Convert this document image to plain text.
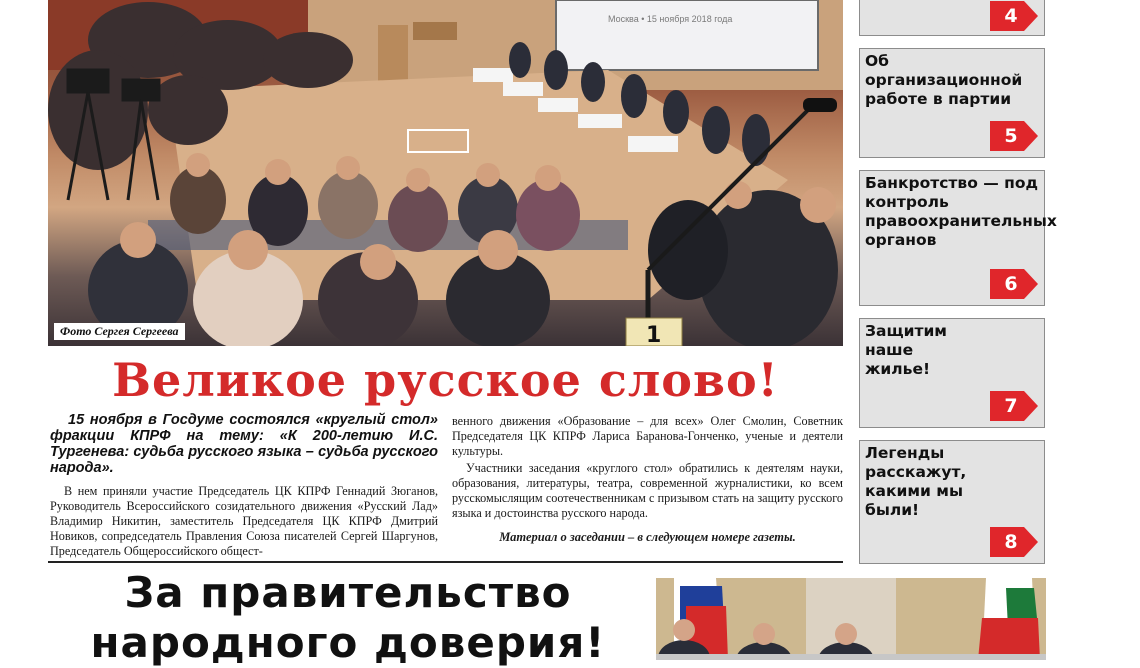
Москва • 15 ноября 2018 года
1
Фото Сергея Сергеева
Великое русское слово!
15 ноября в Госдуме состоялся «круглый стол» фракции КПРФ на тему: «К 200-летию И.С. Тургенева: судьба русского языка – судьба русского народа».
В нем приняли участие Председатель ЦК КПРФ Геннадий Зюганов, Руководитель Всероссийского созидательного движения «Русский Лад» Владимир Никитин, заместитель Председателя ЦК КПРФ Дмитрий Новиков, сопредседатель Правления Союза писателей Сергей Шаргунов, Председатель Общероссийского общест-

венного движения «Образование – для всех» Олег Смолин, Советник Председателя ЦК КПРФ Лариса Баранова-Гонченко, ученые и деятели культуры.

Участники заседания «круглого стол» обратились к деятелям науки, образования, литературы, театра, современной журналистики, ко всем русскомыслящим соотечественникам с призывом стать на защиту русского языка и достоинства русского народа.

Материал о заседании – в следующем номере газеты.
За правительство
народного доверия!
4
Об организационной работе в партии
5
Банкротство — под контроль правоохранительных органов
6
Защитим наше жилье!
7
Легенды расскажут, какими мы были!
8
